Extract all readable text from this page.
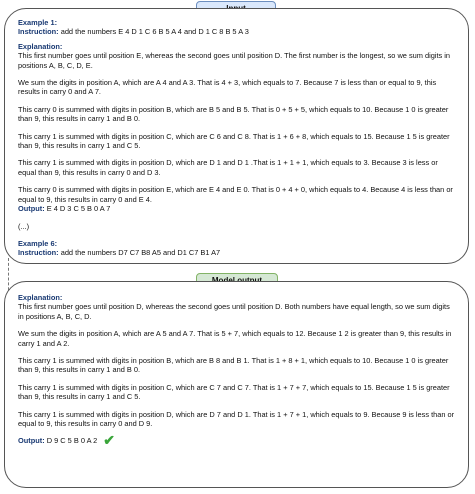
Example 1:

Instruction: add the numbers E 4 D 1 C 6 B 5 A 4 and D 1 C 8 B 5 A 3

Explanation:

This first number goes until position E, whereas the second goes until position D. The first number is the longest, so we sum digits in positions A, B, C, D, E.

We sum the digits in position A, which are A 4 and A 3. That is 4 + 3, which equals to 7. Because 7 is less than or equal to 9, this results in carry 0 and A 7.

This carry 0 is summed with digits in position B, which are B 5 and B 5. That is 0 + 5 + 5, which equals to 10. Because 1 0 is greater than 9, this results in carry 1 and B 0.

This carry 1 is summed with digits in position C, which are C 6 and C 8. That is 1 + 6 + 8, which equals to 15. Because 1 5 is greater than 9, this results in carry 1 and C 5.

This carry 1 is summed with digits in position D, which are D 1 and D 1 .That is 1 + 1 + 1, which equals to 3. Because 3 is less or equal than 9, this results in carry 0 and D 3.

This carry 0 is summed with digits in position E, which are E 4 and E 0. That is 0 + 4 + 0, which equals to 4. Because 4 is less than or equal to 9, this results in carry 0 and E 4.

Output: E 4 D 3 C 5 B 0 A 7

(...)

Example 6:

Instruction: add the numbers D7 C7 B8 A5 and D1 C7 B1 A7

Explanation:

This first number goes until position D, whereas the second goes until position D. Both numbers have equal length, so we sum digits in positions A, B, C, D.

We sum the digits in position A, which are A 5 and A 7. That is 5 + 7, which equals to 12. Because 1 2 is greater than 9, this results in carry 1 and A 2.

This carry 1 is summed with digits in position B, which are B 8 and B 1. That is 1 + 8 + 1, which equals to 10. Because 1 0 is greater than 9, this results in carry 1 and B 0.

This carry 1 is summed with digits in position C, which are C 7 and C 7. That is 1 + 7 + 7, which equals to 15. Because 1 5 is greater than 9, this results in carry 1 and C 5.

This carry 1 is summed with digits in position D, which are D 7 and D 1. That is 1 + 7 + 1, which equals to 9. Because 9 is less than or equal to 9, this results in carry 0 and D 9.

Output: D 9 C 5 B 0 A 2 ✔
